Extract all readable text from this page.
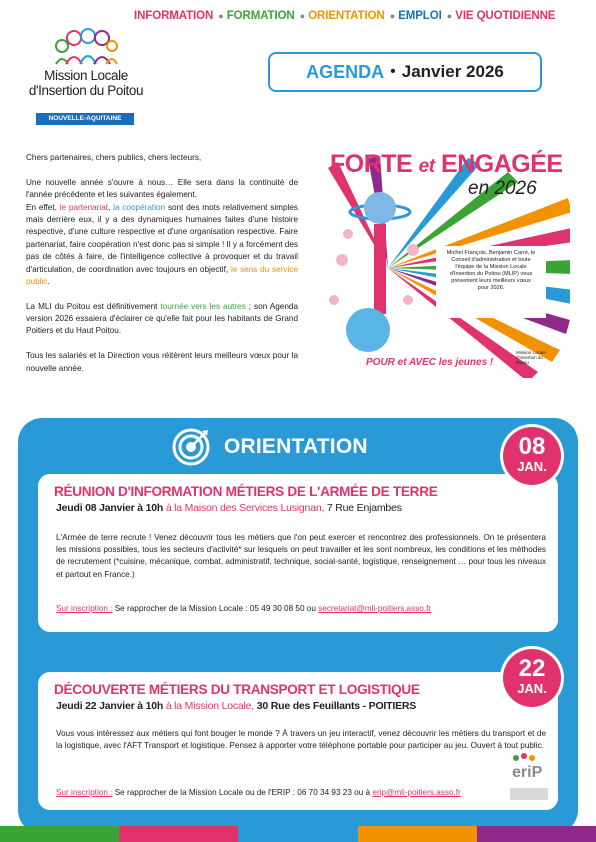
INFORMATION ● FORMATION ● ORIENTATION ● EMPLOI ● VIE QUOTIDIENNE
Mission Locale
d'Insertion du Poitou
NOUVELLE-AQUITAINE
AGENDA • Janvier 2026

Chers partenaires, chers publics, chers lecteurs,

Une nouvelle année s'ouvre à nous… Elle sera dans la continuité de l'année précédente et les suivantes également.
En effet, le partenariat, la coopération sont des mots relativement simples mais derrière eux, il y a des dynamiques humaines faites d'une histoire respective, d'une culture respective et d'une organisation respective. Faire partenariat, faire coopération n'est donc pas si simple ! Il y a forcément des pas de côtés à faire, de l'intelligence collective à provoquer et du travail d'articulation, de coordination avec toujours en objectif, le sens du service public.

La MLI du Poitou est définitivement tournée vers les autres ; son Agenda version 2026 essaiera d'éclairer ce qu'elle fait pour les habitants de Grand Poitiers et du Haut Poitou.

Tous les salariés et la Direction vous réitèrent leurs meilleurs vœux pour la nouvelle année.

FORTE et ENGAGÉE
en 2026
Michel François, Benjamin Carré, le Conseil d'administration et toute l'équipe de la Mission Locale d'Insertion du Poitou (MLIP) vous présentent leurs meilleurs vœux pour 2026.
POUR et AVEC les jeunes !
Mission Locale d'Insertion du Poitou
ORIENTATION
RÉUNION D'INFORMATION MÉTIERS DE L'ARMÉE DE TERRE
Jeudi 08 Janvier à 10h à la Maison des Services Lusignan, 7 Rue Enjambes
L'Armée de terre recrute ! Venez découvrir tous les métiers que l'on peut exercer et rencontrez des professionnels. On te présentera les missions possibles, tous les secteurs d'activité* sur lesquels on peut travailler et les sont nombreux, les conditions et les méthodes de recrutement (*cuisine, mécanique, combat, administratif, technique, social-santé, logistique, renseignement … pour tous les niveaux et partout en France.)
Sur inscription : Se rapprocher de la Mission Locale : 05 49 30 08 50 ou secretariat@mli-poitiers.asso.fr
08
JAN.
DÉCOUVERTE MÉTIERS DU TRANSPORT ET LOGISTIQUE
Jeudi 22 Janvier à 10h à la Mission Locale, 30 Rue des Feuillants - POITIERS
Vous vous intéressez aux métiers qui font bouger le monde ? À travers un jeu interactif, venez découvrir les métiers du transport et de la logistique, avec l'AFT Transport et logistique. Pensez à apporter votre téléphone portable pour participer au jeu. Ouvert à tout public.
Sur inscription : Se rapprocher de la Mission Locale ou de l'ERIP : 06 70 34 93 23 ou à erip@mli-poitiers.asso.fr
22
JAN.
eriP
